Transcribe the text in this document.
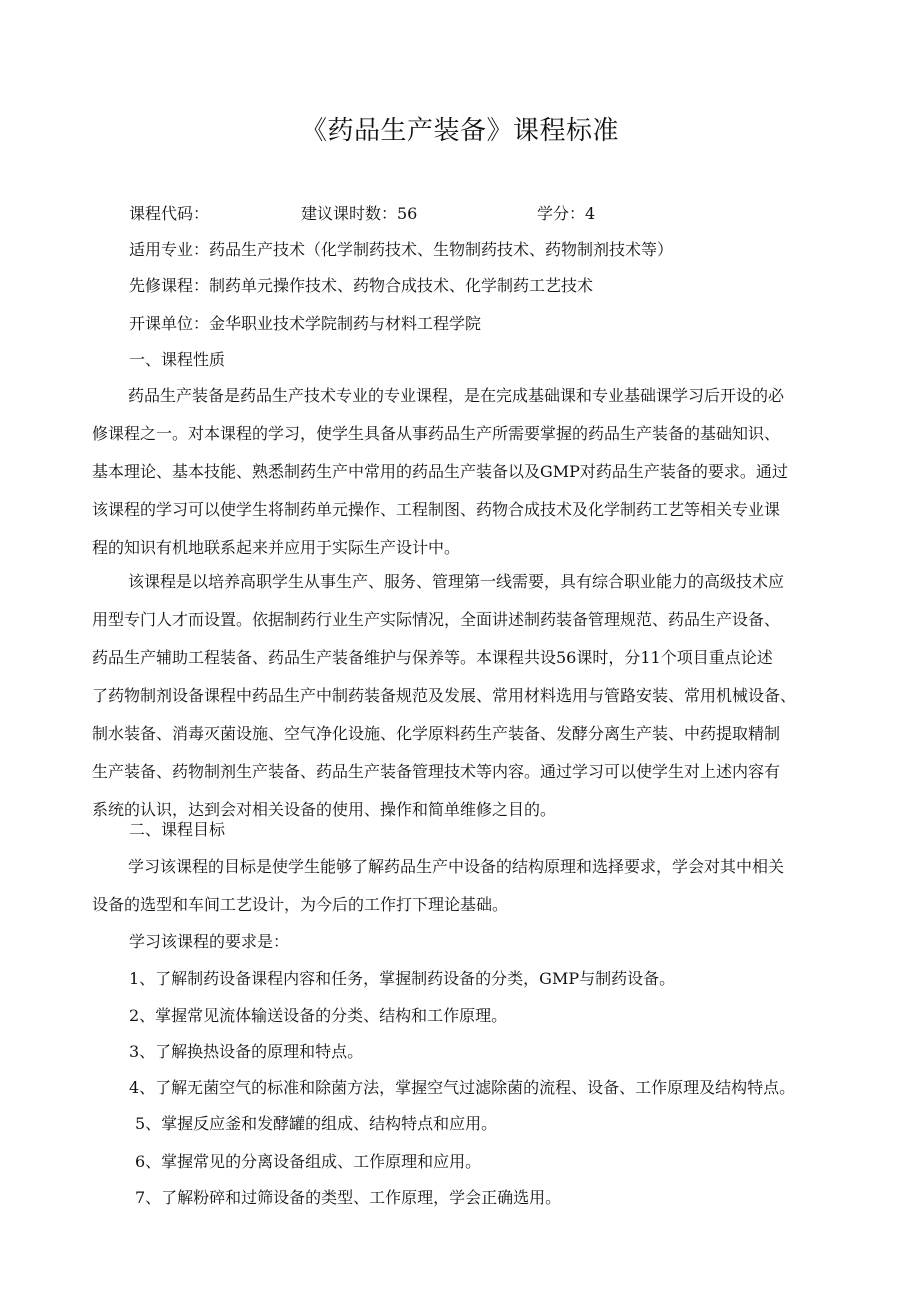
《药品生产装备》课程标准
课程代码：	建议课时数：56	学分：4
适用专业：药品生产技术（化学制药技术、生物制药技术、药物制剂技术等）
先修课程：制药单元操作技术、药物合成技术、化学制药工艺技术
开课单位：金华职业技术学院制药与材料工程学院
一、课程性质
药品生产装备是药品生产技术专业的专业课程，是在完成基础课和专业基础课学习后开设的必
修课程之一。对本课程的学习，使学生具备从事药品生产所需要掌握的药品生产装备的基础知识、
基本理论、基本技能、熟悉制药生产中常用的药品生产装备以及GMP对药品生产装备的要求。通过
该课程的学习可以使学生将制药单元操作、工程制图、药物合成技术及化学制药工艺等相关专业课
程的知识有机地联系起来并应用于实际生产设计中。
该课程是以培养高职学生从事生产、服务、管理第一线需要，具有综合职业能力的高级技术应
用型专门人才而设置。依据制药行业生产实际情况，全面讲述制药装备管理规范、药品生产设备、
药品生产辅助工程装备、药品生产装备维护与保养等。本课程共设56课时，分11个项目重点论述
了药物制剂设备课程中药品生产中制药装备规范及发展、常用材料选用与管路安装、常用机械设备、
制水装备、消毒灭菌设施、空气净化设施、化学原料药生产装备、发酵分离生产装、中药提取精制
生产装备、药物制剂生产装备、药品生产装备管理技术等内容。通过学习可以使学生对上述内容有
系统的认识，达到会对相关设备的使用、操作和简单维修之目的。
二、课程目标
学习该课程的目标是使学生能够了解药品生产中设备的结构原理和选择要求，学会对其中相关
设备的选型和车间工艺设计，为今后的工作打下理论基础。
学习该课程的要求是：
1、了解制药设备课程内容和任务，掌握制药设备的分类，GMP与制药设备。
2、掌握常见流体输送设备的分类、结构和工作原理。
3、了解换热设备的原理和特点。
4、了解无菌空气的标准和除菌方法，掌握空气过滤除菌的流程、设备、工作原理及结构特点。
5、掌握反应釜和发酵罐的组成、结构特点和应用。
6、掌握常见的分离设备组成、工作原理和应用。
7、了解粉碎和过筛设备的类型、工作原理，学会正确选用。
